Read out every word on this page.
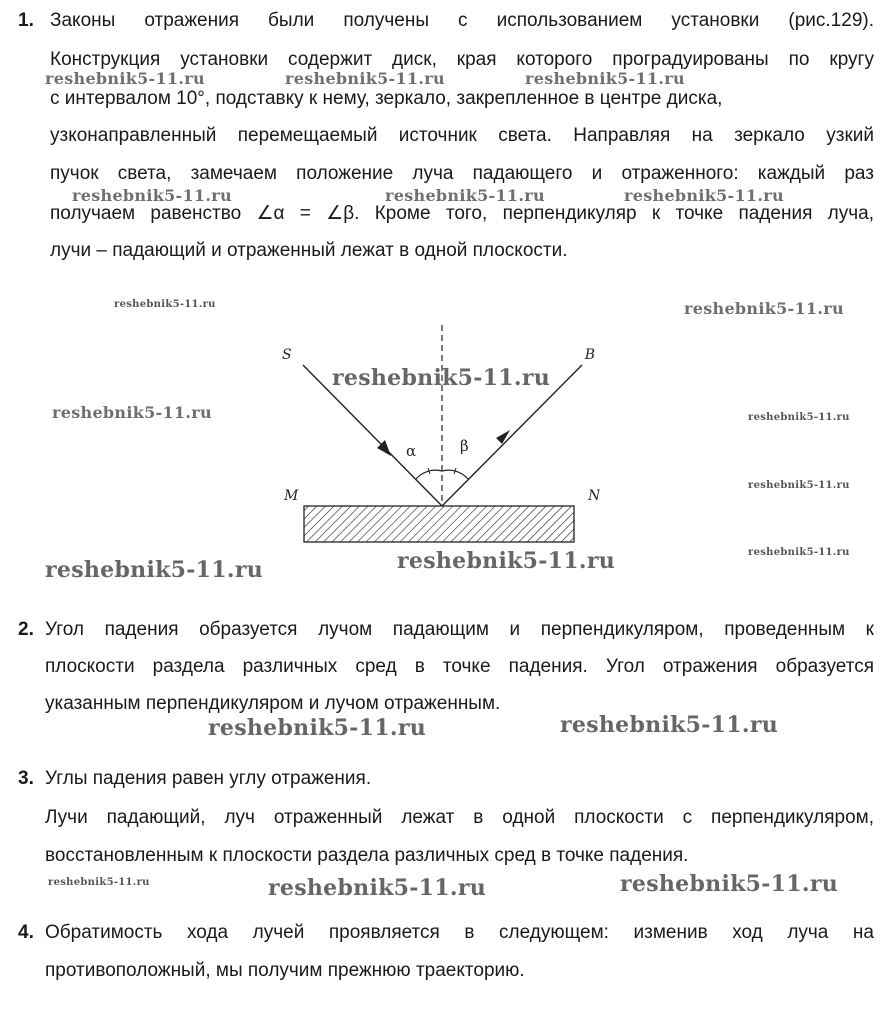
1. Законы отражения были получены с использованием установки (рис.129).
Конструкция установки содержит диск, края которого проградуированы по кругу
с интервалом 10°, подставку к нему, зеркало, закрепленное в центре диска,
узконаправленный перемещаемый источник света. Направляя на зеркало узкий
пучок света, замечаем положение луча падающего и отраженного: каждый раз
получаем равенство ∠α = ∠β. Кроме того, перпендикуляр к точке падения луча,
лучи – падающий и отраженный лежат в одной плоскости.
S	B
M	N
α	β
2. Угол падения образуется лучом падающим и перпендикуляром, проведенным к
плоскости раздела различных сред в точке падения. Угол отражения образуется
указанным перпендикуляром и лучом отраженным.
3. Углы падения равен углу отражения.
Лучи падающий, луч отраженный лежат в одной плоскости с перпендикуляром,
восстановленным к плоскости раздела различных сред в точке падения.
4. Обратимость хода лучей проявляется в следующем: изменив ход луча на
противоположный, мы получим прежнюю траекторию.
reshebnik5-11.ru	reshebnik5-11.ru	reshebnik5-11.ru
reshebnik5-11.ru	reshebnik5-11.ru	reshebnik5-11.ru
reshebnik5-11.ru	reshebnik5-11.ru
reshebnik5-11.ru
reshebnik5-11.ru	reshebnik5-11.ru
reshebnik5-11.ru
reshebnik5-11.ru
reshebnik5-11.ru	reshebnik5-11.ru
reshebnik5-11.ru	reshebnik5-11.ru
reshebnik5-11.ru	reshebnik5-11.ru	reshebnik5-11.ru
